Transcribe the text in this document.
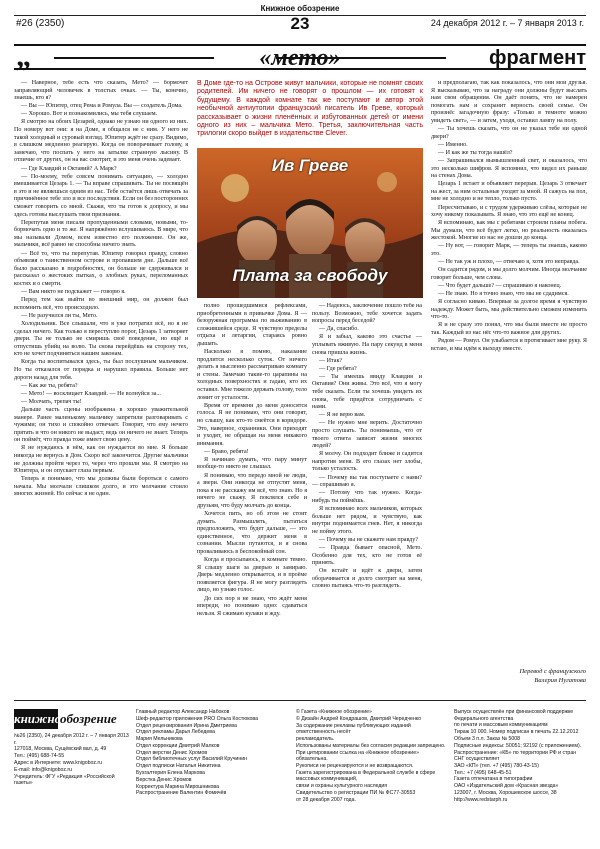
Книжное обозрение
#26 (2350)	23	24 декабря 2012 г. – 7 января 2013 г.
„	«мето»	фрагмент

— Наверное, тебе есть что сказать, Мето? — бормочет заправляющий человечек в толстых очках. — Ты, конечно, знаешь, кто я?

— Вы — Юпитер, отец Рема и Ромула. Вы — создатель Дома.

— Хорошо. Вот и познакомились, мы тебя слушаем.

Я смотрю на обоих Цезарей, однако не узнаю ни одного из них. По номеру вот они: я на Доме, я общался не с ним. У него не такой холодный и суровый взгляд. Юпитер ждёт не сразу. Видимо, в слишком медленно реагирую. Когда он поворачивает голову, я замечаю, что поспать у него на затылке странную лысину. В отличие от других, он на вас смотрит, и это меня очень задевает.

— Где Клавдий и Октавий? А Марк?

— По-моему, тебе совсем понимать ситуацию, — холодно вмешивается Цезарь 1. — Ты вправе спрашивать. Ты не посвящён в это и не являешься одним из нас. Тебе остаётся лишь отвечать за причинённое тебе зло и все последствия. Если он без посторонних сможет говорить со мной. Скажи, что ты готов к допросу, и мы здесь готовы выслушать твои признания.

Перепутав меня писали пропущенными словами, новыми, то-бормочать одно и то же. Я напряжённо вслушиваюсь. В мире, что мы называли Домом, всем известно его положение. Он же, мальчики, всё равно не способны ничего знать.

— Всё то, что ты перепутав. Юпитер говорил правду, словно объявляя о таинственном острове и пропавшем дне. Дальше всё было рассказано в подробностях, он больше не сдерживался и рассказал о жестоких пытках, о злобных руках, переломанных костях и о смерти.

— Вам никто не подскажет — говорю я.

Перед тем как выйти во внешний мир, он должен был вспомнить всё, что происходило.

— Не разучился ли ты, Мето.

Холодильник. Все слышали, что я уже потратил всё, но я не сделал ничего. Как только я переступлю порог, Цезарь 1 затворяет двери. Ты не только не смиришь своё поведение, но ещё и отпустишь убийц на волю. Ты снова перейдёшь на сторону тех, кто не хочет подчиняться нашим законам.

Когда ты воспитывался здесь, ты был послушным мальчиком. Но ты отказался от порядка и нарушил правила. Больше нет дороги назад для тебя.

— Как же ты, ребята?

— Мето! — восклицает Клавдий. — Не волнуйся за...

— Молчать, трепач ты!

Дальше часть сцены изображена в хорошо уважительной манере. Ранее маленькому мальчику запретили разговаривать с чужими; он тихо и спокойно отвечает. Говорит, что ему нечего прятать и что он никого не выдаст, ведь он ничего не знает. Теперь он поймёт, что правда тоже имеет свою цену.

Я не нуждаюсь в нём, как он нуждается во мне. Я больше никогда не вернусь в Дом. Скоро всё закончится. Другие мальчики не должны пройти через то, через что прошли мы. Я смотрю на Юпитера, и он опускает глаза первым.

Теперь я понимаю, что мы должны были бороться с самого начала. Мы молчали слишком долго, и это молчание стоило многих жизней. Но сейчас я не один.

В Доме где-то на Острове живут мальчики, которые не помнят своих родителей. Им ничего не говорят о прошлом — их готовят к будущему. В каждой комнате так же поступают и автор этой необычной антиутопии французский писатель Ив Греве, который рассказывает о жизни пленённых и избутованных детей от имени одного из них – мальчика Мето. Третья, заключительная часть трилогии скоро выйдет в издательстве Clever.
Ив Греве
Плата за свободу

полно прошедшимися рефлексами, приобретенными в привычке Дома. Я — безоружная программа по выживанию в сложившейся среде. Я чувствую пределы отдыха и летаргии, стараясь ровно дышать.

Насколько я помню, наказание продлится несколько суток. От ничего делать я мысленно рассматриваю комнату и стены. Замечаю такие-то царапины на холодных поверхностях и гадаю, кто их оставил. Мне тяжело держать голову, тело ломит от усталости.

Время от времени до меня доносятся голоса. Я не понимаю, что они говорят, но слышу, как кто-то смеётся в коридоре. Это, наверное, охранники. Они приходят и уходят, не обращая на меня никакого внимания.

— Браво, ребята!

Я начинаю думать, что пару минут вообще-то никто не слышал.

Я понимаю, что передо мной не люди, а звери. Они никогда не отпустят меня, пока я не расскажу им всё, что знаю. Но я ничего не скажу. Я поклялся себе и друзьям, что буду молчать до конца.

Хочется пить, но об этом не стоит думать. Размышлять, пытаться предположить, что будет дальше, — это единственное, что держит меня в сознании. Мысли путаются, и я снова проваливаюсь в беспокойный сон.

Когда я просыпаюсь, в комнате темно. Я слышу шаги за дверью и замираю. Дверь медленно открывается, и в проёме появляется фигура. Я не могу разглядеть лицо, но узнаю голос.

До сих пор я не знаю, что ждёт меня впереди, но понимаю одно: сдаваться нельзя. Я сжимаю кулаки и жду.

— Надеюсь, заключение пошло тебе на пользу. Возможно, тебе хочется задать вопросы перед беседой?

— Да, спасибо.

Я и забыл, каково это счастье — уплывать вживую. На пару секунд в меня снова пришла жизнь.

— Итак?

— Где ребята?

— Ты имеешь ввиду Клавдия и Октавия? Они живы. Это всё, что я могу тебе сказать. Если ты хочешь увидеть их снова, тебе придётся сотрудничать с нами.

— Я не верю вам.

— Не нужно мне верить. Достаточно просто слушать. Ты понимаешь, что от твоего ответа зависят жизни многих людей?

Я молчу. Он подходит ближе и садится напротив меня. В его глазах нет злобы, только усталость.

— Почему вы так поступаете с нами? — спрашиваю я.

— Потому что так нужно. Когда-нибудь ты поймёшь.

Я вспоминаю всех мальчиков, которых больше нет рядом, и чувствую, как внутри поднимается гнев. Нет, я никогда не пойму этого.

— Почему вы не скажете нам правду?

— Правда бывает опасной, Мето. Особенно для тех, кто не готов её принять.

Он встаёт и идёт к двери, затем оборачивается и долго смотрит на меня, словно пытаясь что-то разглядеть.

и предполагаю, так как показалось, что они мои друзья. Я высказываю, что за награду они должны будут выслать нам свои обращения. Он даёт понять, что не намерен помогать нам и сохранит верность своей семье. Он произнёс загадочную фразу: «Только в темноте можно увидеть свет», — и затем, уходя, оставил лампу на полу.

— Ты хочешь сказать, что он не указал тебе ни одной двери?

— Именно.

— И как же ты тогда нашёл?

— Запрашивался вымышленный свет, и оказалось, что это несколько шифров. Я вспомнил, что видел их раньше на стенах Дома.

Цезарь 1 встает и объявляет перерыв. Цезарь 3 отвечает на жест, за ним остальные уходят за мной. Я сажусь на пол, мне не холодно и не тепло, только пусто.

Пересчитываю, и с трудом удерживаю слёзы, которые не хочу никому показывать. Я знаю, что это ещё не конец.

Я вспоминаю, как мы с ребятами строили планы побега. Мы думали, что всё будет легко, но реальность оказалась жестокой. Многие из нас не дошли до конца.

— Ну вот, — говорит Марк, — теперь ты знаешь, каково это.

— Не так уж и плохо, — отвечаю я, хотя это неправда.

Он садится рядом, и мы долго молчим. Иногда молчание говорит больше, чем слова.

— Что будет дальше? — спрашиваю я наконец.

— Не знаю. Но я точно знаю, что мы не сдадимся.

Я согласно киваю. Впервые за долгое время я чувствую надежду. Может быть, мы действительно сможем изменить что-то.

Я и не сразу это понял, что мы были вместе не просто так. Каждый из нас нёс что-то важное для других.

Рядом — Ромул. Он улыбается и протягивает мне руку. Я встаю, и мы идём к выходу вместе.

Перевод с французского
Валерия Нугатова
книжное
обозрение
№26 (2350), 24 декабря 2012 г. – 7 января 2013 г.
127018, Москва, Сущёвский вал, д. 49
Тел.: (495) 688-74-55
Адрес в Интернете: www.knigoboz.ru
E-mail: info@knigoboz.ru
Учредитель: ФГУ «Редакция «Российской газеты»
Главный редактор Александр Набоков
Шеф-редактор приложения PRO Ольга Костюкова
Отдел рецензирования Ирина Дмитриева
Отдел рекламы Дарья Лебедева
Мария Мельникова
Отдел коррекции Дмитрий Малков
Отдел верстки Денис Хромов
Отдел библиотечных услуг Василий Кручинин
Отдел подписки Наталья Никитина
Бухгалтерия Елена Маркова
Верстка Денис Хромов
Корректура Марина Мирошникова
Распространение Валентин Фомичёв
© Газета «Книжное обозрение»
© Дизайн Андрей Кондрашов, Дмитрий Чередченко
За содержание рекламы публикующих изданий ответственность несёт
рекламодатель.
Использованы материалы без согласия редакции запрещено.
При цитировании ссылка на «Книжное обозрение» обязательна.
Рукописи не рецензируются и не возвращаются.
Газета зарегистрирована в Федеральной службе в сфере массовых коммуникаций,
связи и охраны культурного наследия
Свидетельство о регистрации ПИ № ФС77-30553
от 28 декабря 2007 года.
Выпуск осуществлён при финансовой поддержке Федерального агентства
по печати и массовым коммуникациям
Тираж 10 000. Номер подписан в печать 22.12.2012
Объем 3 п.л. Заказ № 5008
Подписные индексы: 50051; 92192 (с приложением).
Распространение: «КБ» по территории РФ и стран СНГ осуществляет
ЗАО «КП» (тел. +7 (495) 780-43-15)
Тел.: +7 (495) 648-45-51
Газета отпечатана в типографии
ОАО «Издательский дом «Красная звезда»
123007, г. Москва, Хорошевское шоссе, 38
http://www.redstarph.ru
